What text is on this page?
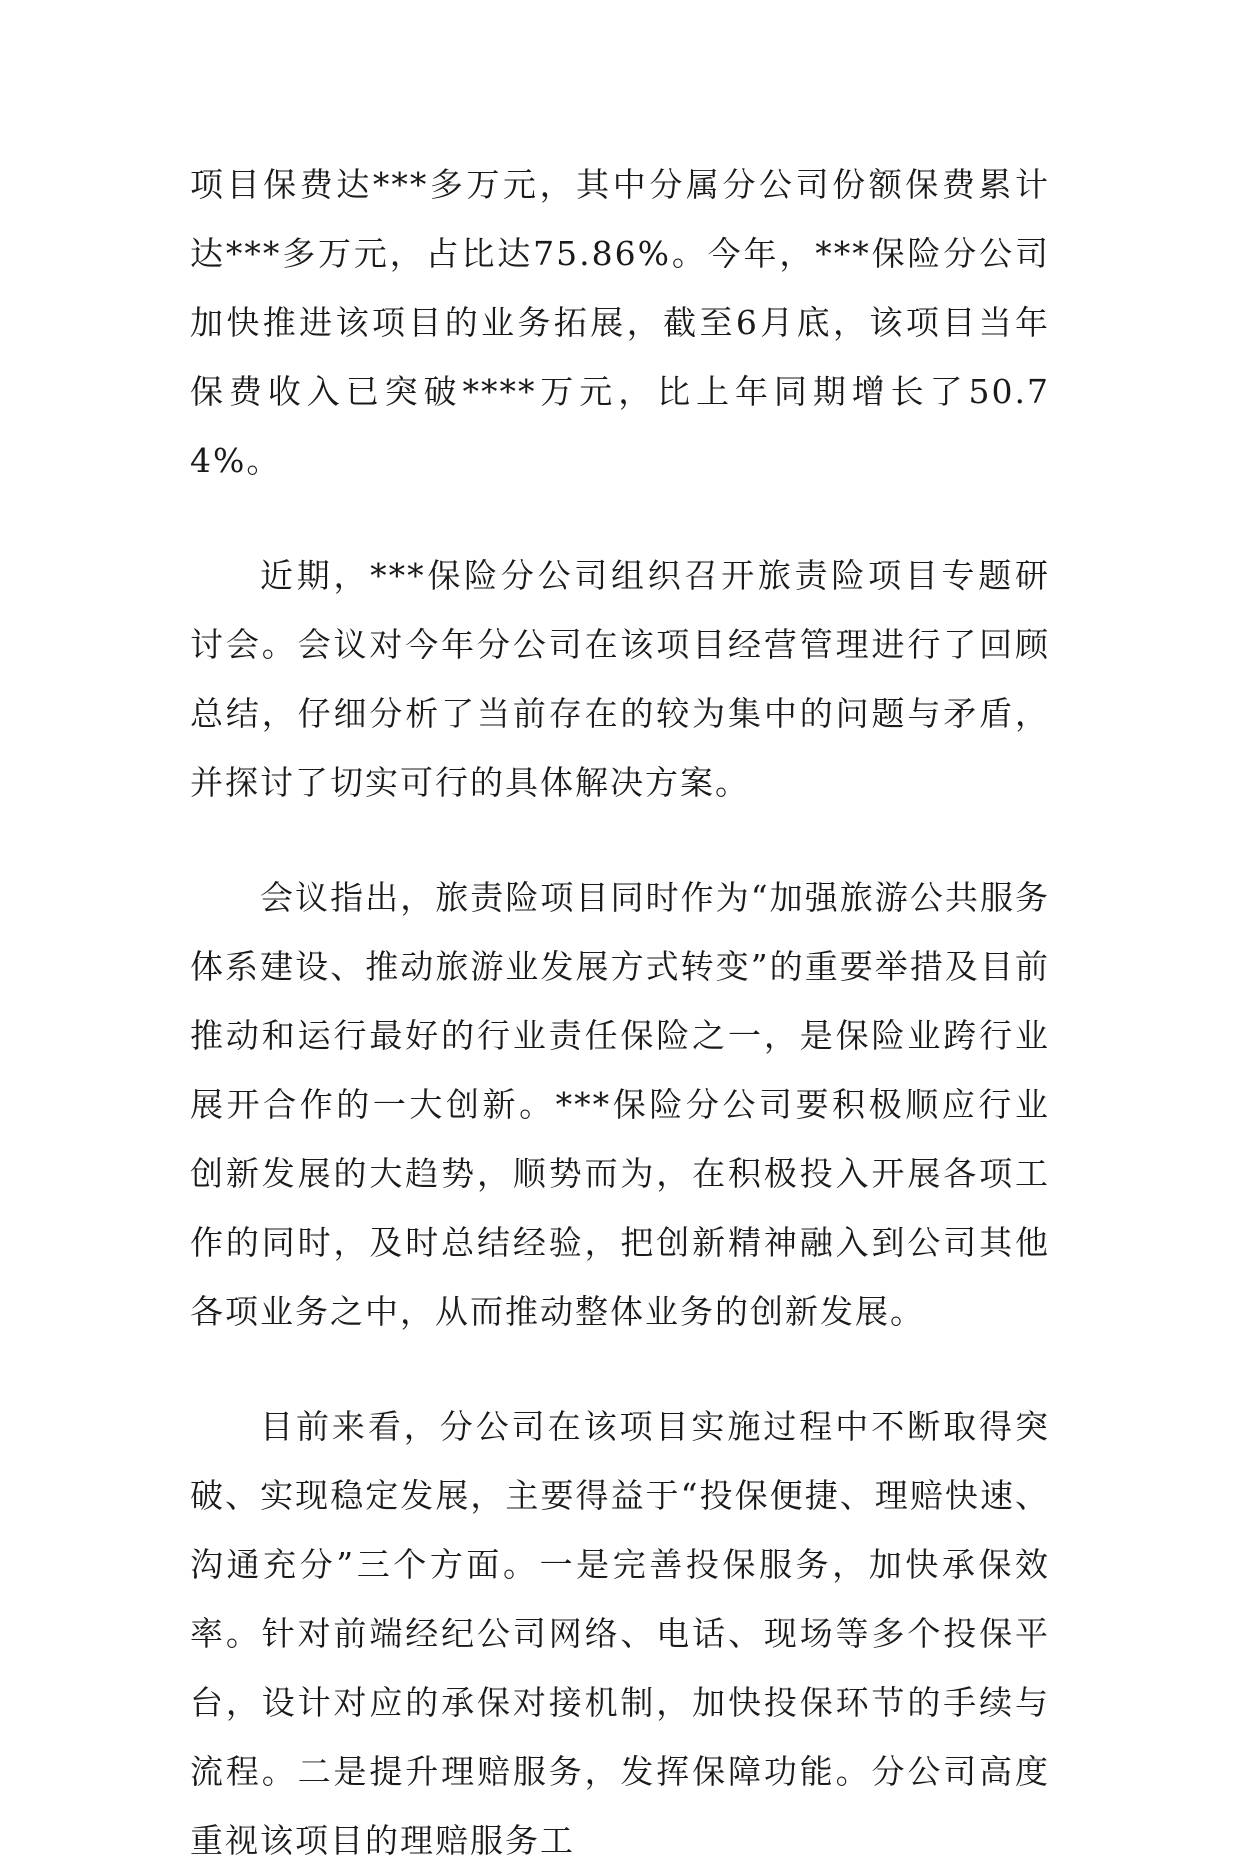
项目保费达***多万元，其中分属分公司份额保费累计达***多万元，占比达75.86%。今年，***保险分公司加快推进该项目的业务拓展，截至6月底，该项目当年保费收入已突破****万元，比上年同期增长了50.74%。

近期，***保险分公司组织召开旅责险项目专题研讨会。会议对今年分公司在该项目经营管理进行了回顾总结，仔细分析了当前存在的较为集中的问题与矛盾，并探讨了切实可行的具体解决方案。

会议指出，旅责险项目同时作为“加强旅游公共服务体系建设、推动旅游业发展方式转变”的重要举措及目前推动和运行最好的行业责任保险之一，是保险业跨行业展开合作的一大创新。***保险分公司要积极顺应行业创新发展的大趋势，顺势而为，在积极投入开展各项工作的同时，及时总结经验，把创新精神融入到公司其他各项业务之中，从而推动整体业务的创新发展。

目前来看，分公司在该项目实施过程中不断取得突破、实现稳定发展，主要得益于“投保便捷、理赔快速、沟通充分”三个方面。一是完善投保服务，加快承保效率。针对前端经纪公司网络、电话、现场等多个投保平台，设计对应的承保对接机制，加快投保环节的手续与流程。二是提升理赔服务，发挥保障功能。分公司高度重视该项目的理赔服务工
